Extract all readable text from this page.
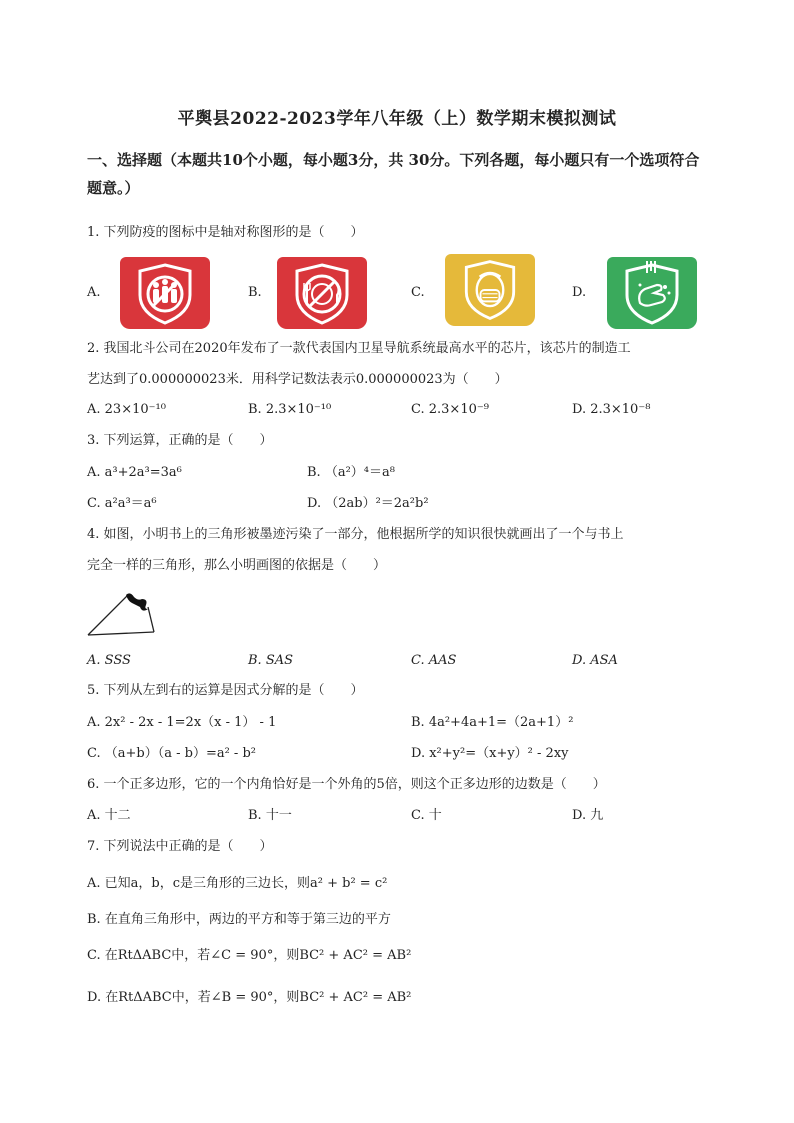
平舆县2022-2023学年八年级（上）数学期末模拟测试
一、选择题（本题共10个小题，每小题3分，共 30分。下列各题，每小题只有一个选项符合题意。）
1. 下列防疫的图标中是轴对称图形的是（　　）
A.	B.	C.	D.
2. 我国北斗公司在2020年发布了一款代表国内卫星导航系统最高水平的芯片，该芯片的制造工
艺达到了0.000000023米．用科学记数法表示0.000000023为（　　）
A. 23×10⁻¹⁰	B. 2.3×10⁻¹⁰	C. 2.3×10⁻⁹	D. 2.3×10⁻⁸
3. 下列运算，正确的是（　　）
A. a³+2a³=3a⁶	B. （a²）⁴＝a⁸
C. a²a³＝a⁶	D. （2ab）²＝2a²b²
4. 如图，小明书上的三角形被墨迹污染了一部分，他根据所学的知识很快就画出了一个与书上
完全一样的三角形，那么小明画图的依据是（　　）
A. SSS	B. SAS	C. AAS	D. ASA
5. 下列从左到右的运算是因式分解的是（　　）
A. 2x² - 2x - 1=2x（x - 1） - 1	B. 4a²+4a+1=（2a+1）²
C. （a+b）（a - b）=a² - b²	D. x²+y²=（x+y）² - 2xy
6. 一个正多边形，它的一个内角恰好是一个外角的5倍，则这个正多边形的边数是（　　）
A. 十二	B. 十一	C. 十	D. 九
7. 下列说法中正确的是（　　）
A. 已知a，b，c是三角形的三边长，则a² + b² = c²
B. 在直角三角形中，两边的平方和等于第三边的平方
C. 在RtΔABC中，若∠C = 90°，则BC² + AC² = AB²
D. 在RtΔABC中，若∠B = 90°，则BC² + AC² = AB²
